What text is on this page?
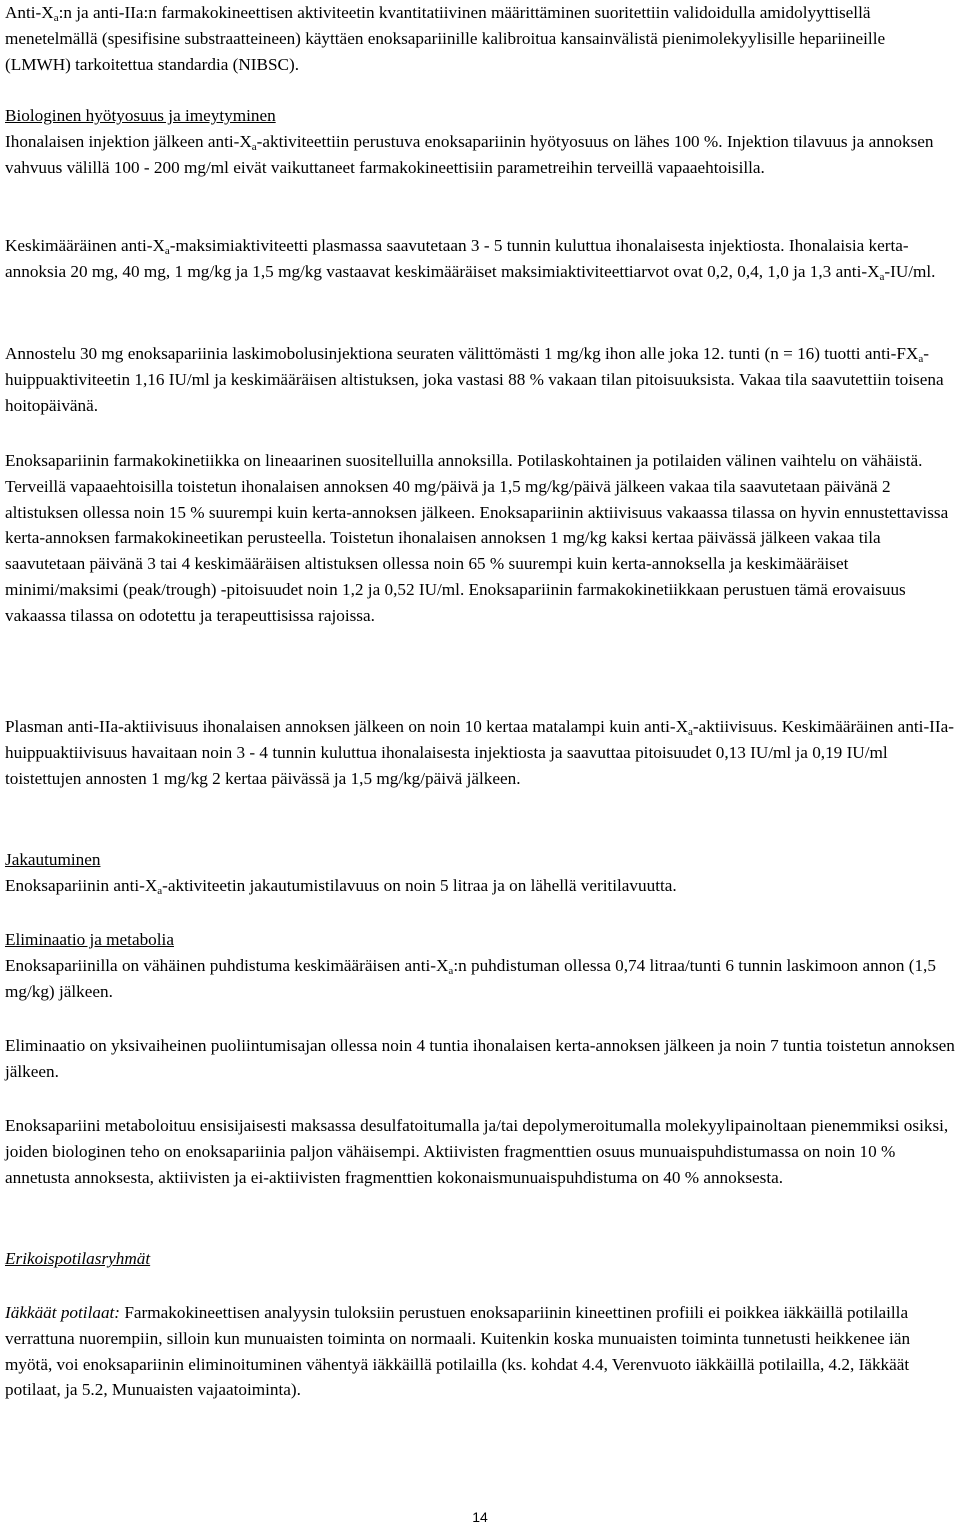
Anti-$X_a:n$ ja anti-IIa:n farmakokineettisen aktiviteetin kvantitatiivinen määrittäminen suoritettiin validoidulla amidolyyttisellä menetelmällä (spesifisine substraatteineen) käyttäen enoksapariinille kalibroitua kansainvälistä pienimolekyylisille hepariineille (LMWH) tarkoitettua standardia (NIBSC).

Biologinen hyötyosuus ja imeytyminen

Ihonalaisen injektion jälkeen anti-$X_a$-aktiviteettiin perustuva enoksapariinin hyötyosuus on lähes 100 %. Injektion tilavuus ja annoksen vahvuus välillä 100 - 200 mg/ml eivät vaikuttaneet farmakokineettisiin parametreihin terveillä vapaaehtoisilla.

Keskimääräinen anti-$X_a$-maksimiaktiviteetti plasmassa saavutetaan 3 - 5 tunnin kuluttua ihonalaisesta injektiosta. Ihonalaisia kerta-annoksia 20 mg, 40 mg, 1 mg/kg ja 1,5 mg/kg vastaavat keskimääräiset maksimiaktiviteettiarvot ovat 0,2, 0,4, 1,0 ja 1,3 anti-$X_a-IU/ml$.

Annostelu 30 mg enoksapariinia laskimobolusinjektiona seuraten välittömästi 1 mg/kg ihon alle joka 12. tunti (n = 16) tuotti anti-$FX_a$-huippuaktiviteetin 1,16 IU/ml ja keskimääräisen altistuksen, joka vastasi 88 % vakaan tilan pitoisuuksista. Vakaa tila saavutettiin toisena hoitopäivänä.

Enoksapariinin farmakokinetiikka on lineaarinen suositelluilla annoksilla. Potilaskohtainen ja potilaiden välinen vaihtelu on vähäistä. Terveillä vapaaehtoisilla toistetun ihonalaisen annoksen 40 mg/päivä ja 1,5 mg/kg/päivä jälkeen vakaa tila saavutetaan päivänä 2 altistuksen ollessa noin 15 % suurempi kuin kerta-annoksen jälkeen. Enoksapariinin aktiivisuus vakaassa tilassa on hyvin ennustettavissa kerta-annoksen farmakokineetikan perusteella. Toistetun ihonalaisen annoksen 1 mg/kg kaksi kertaa päivässä jälkeen vakaa tila saavutetaan päivänä 3 tai 4 keskimääräisen altistuksen ollessa noin 65 % suurempi kuin kerta-annoksella ja keskimääräiset minimi/maksimi (peak/trough) -pitoisuudet noin 1,2 ja 0,52 IU/ml. Enoksapariinin farmakokinetiikkaan perustuen tämä erovaisuus vakaassa tilassa on odotettu ja terapeuttisissa rajoissa.

Plasman anti-IIa-aktiivisuus ihonalaisen annoksen jälkeen on noin 10 kertaa matalampi kuin anti-$X_a$-aktiivisuus. Keskimääräinen anti-IIa-huippuaktiivisuus havaitaan noin 3 - 4 tunnin kuluttua ihonalaisesta injektiosta ja saavuttaa pitoisuudet 0,13 IU/ml ja 0,19 IU/ml toistettujen annosten 1 mg/kg 2 kertaa päivässä ja 1,5 mg/kg/päivä jälkeen.

Jakautuminen

Enoksapariinin anti-$X_a$-aktiviteetin jakautumistilavuus on noin 5 litraa ja on lähellä veritilavuutta.

Eliminaatio ja metabolia

Enoksapariinilla on vähäinen puhdistuma keskimääräisen anti-$X_a:n$ puhdistuman ollessa 0,74 litraa/tunti 6 tunnin laskimoon annon (1,5 mg/kg) jälkeen.

Eliminaatio on yksivaiheinen puoliintumisajan ollessa noin 4 tuntia ihonalaisen kerta-annoksen jälkeen ja noin 7 tuntia toistetun annoksen jälkeen.

Enoksapariini metaboloituu ensisijaisesti maksassa desulfatoitumalla ja/tai depolymeroitumalla molekyylipainoltaan pienemmiksi osiksi, joiden biologinen teho on enoksapariinia paljon vähäisempi. Aktiivisten fragmenttien osuus munuaispuhdistumassa on noin 10 % annetusta annoksesta, aktiivisten ja ei-aktiivisten fragmenttien kokonaismunuaispuhdistuma on 40 % annoksesta.

Erikoispotilasryhmät

Iäkkäät potilaat: Farmakokineettisen analyysin tuloksiin perustuen enoksapariinin kineettinen profiili ei poikkea iäkkäillä potilailla verrattuna nuorempiin, silloin kun munuaisten toiminta on normaali. Kuitenkin koska munuaisten toiminta tunnetusti heikkenee iän myötä, voi enoksapariinin eliminoituminen vähentyä iäkkäillä potilailla (ks. kohdat 4.4, Verenvuoto iäkkäillä potilailla, 4.2, Iäkkäät potilaat, ja 5.2, Munuaisten vajaatoiminta).

14
